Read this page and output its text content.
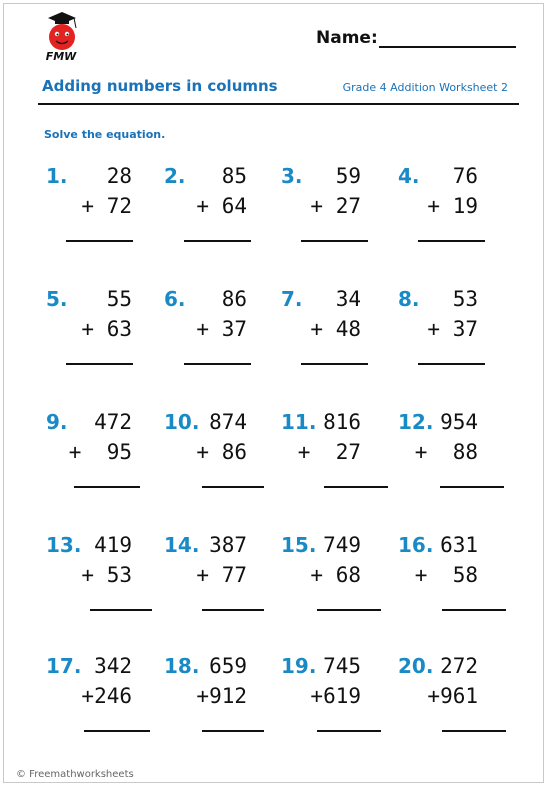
FMW
Name:
Adding numbers in columns	Grade 4 Addition Worksheet 2
Solve the equation.
1. 28
+ 72
2. 85
+ 64
3. 59
+ 27
4. 76
+ 19
5. 55
+ 63
6. 86
+ 37
7. 34
+ 48
8. 53
+ 37
9. 472
+  95
10. 874
+ 86
11. 816
+  27
12. 954
+  88
13. 419
+ 53
14. 387
+ 77
15. 749
+ 68
16. 631
+  58
17. 342
+246
18. 659
+912
19. 745
+619
20. 272
+961
© Freemathworksheets
